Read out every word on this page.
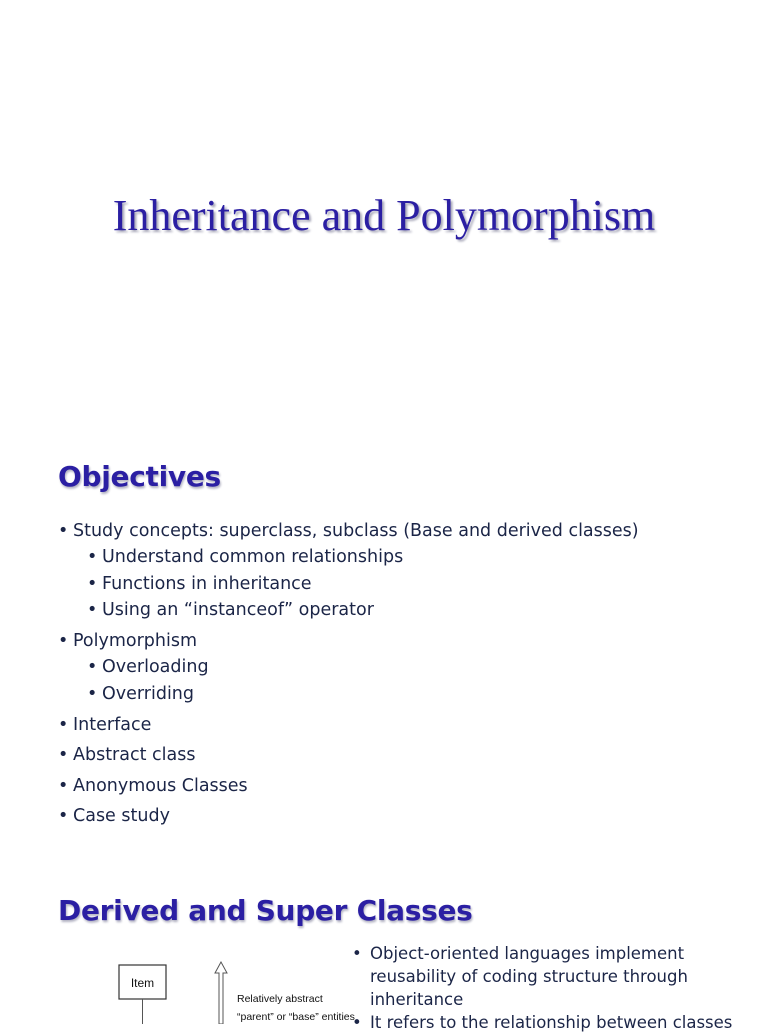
Inheritance and Polymorphism
Objectives
• Study concepts: superclass, subclass (Base and derived classes)
• Understand common relationships
• Functions in inheritance
• Using an “instanceof” operator
• Polymorphism
• Overloading
• Overriding
• Interface
• Abstract class
• Anonymous Classes
• Case study
Derived and Super Classes
Item
Relatively abstract
“parent” or “base” entities
• Object-oriented languages implement reusability of coding structure through inheritance
• It refers to the relationship between classes
